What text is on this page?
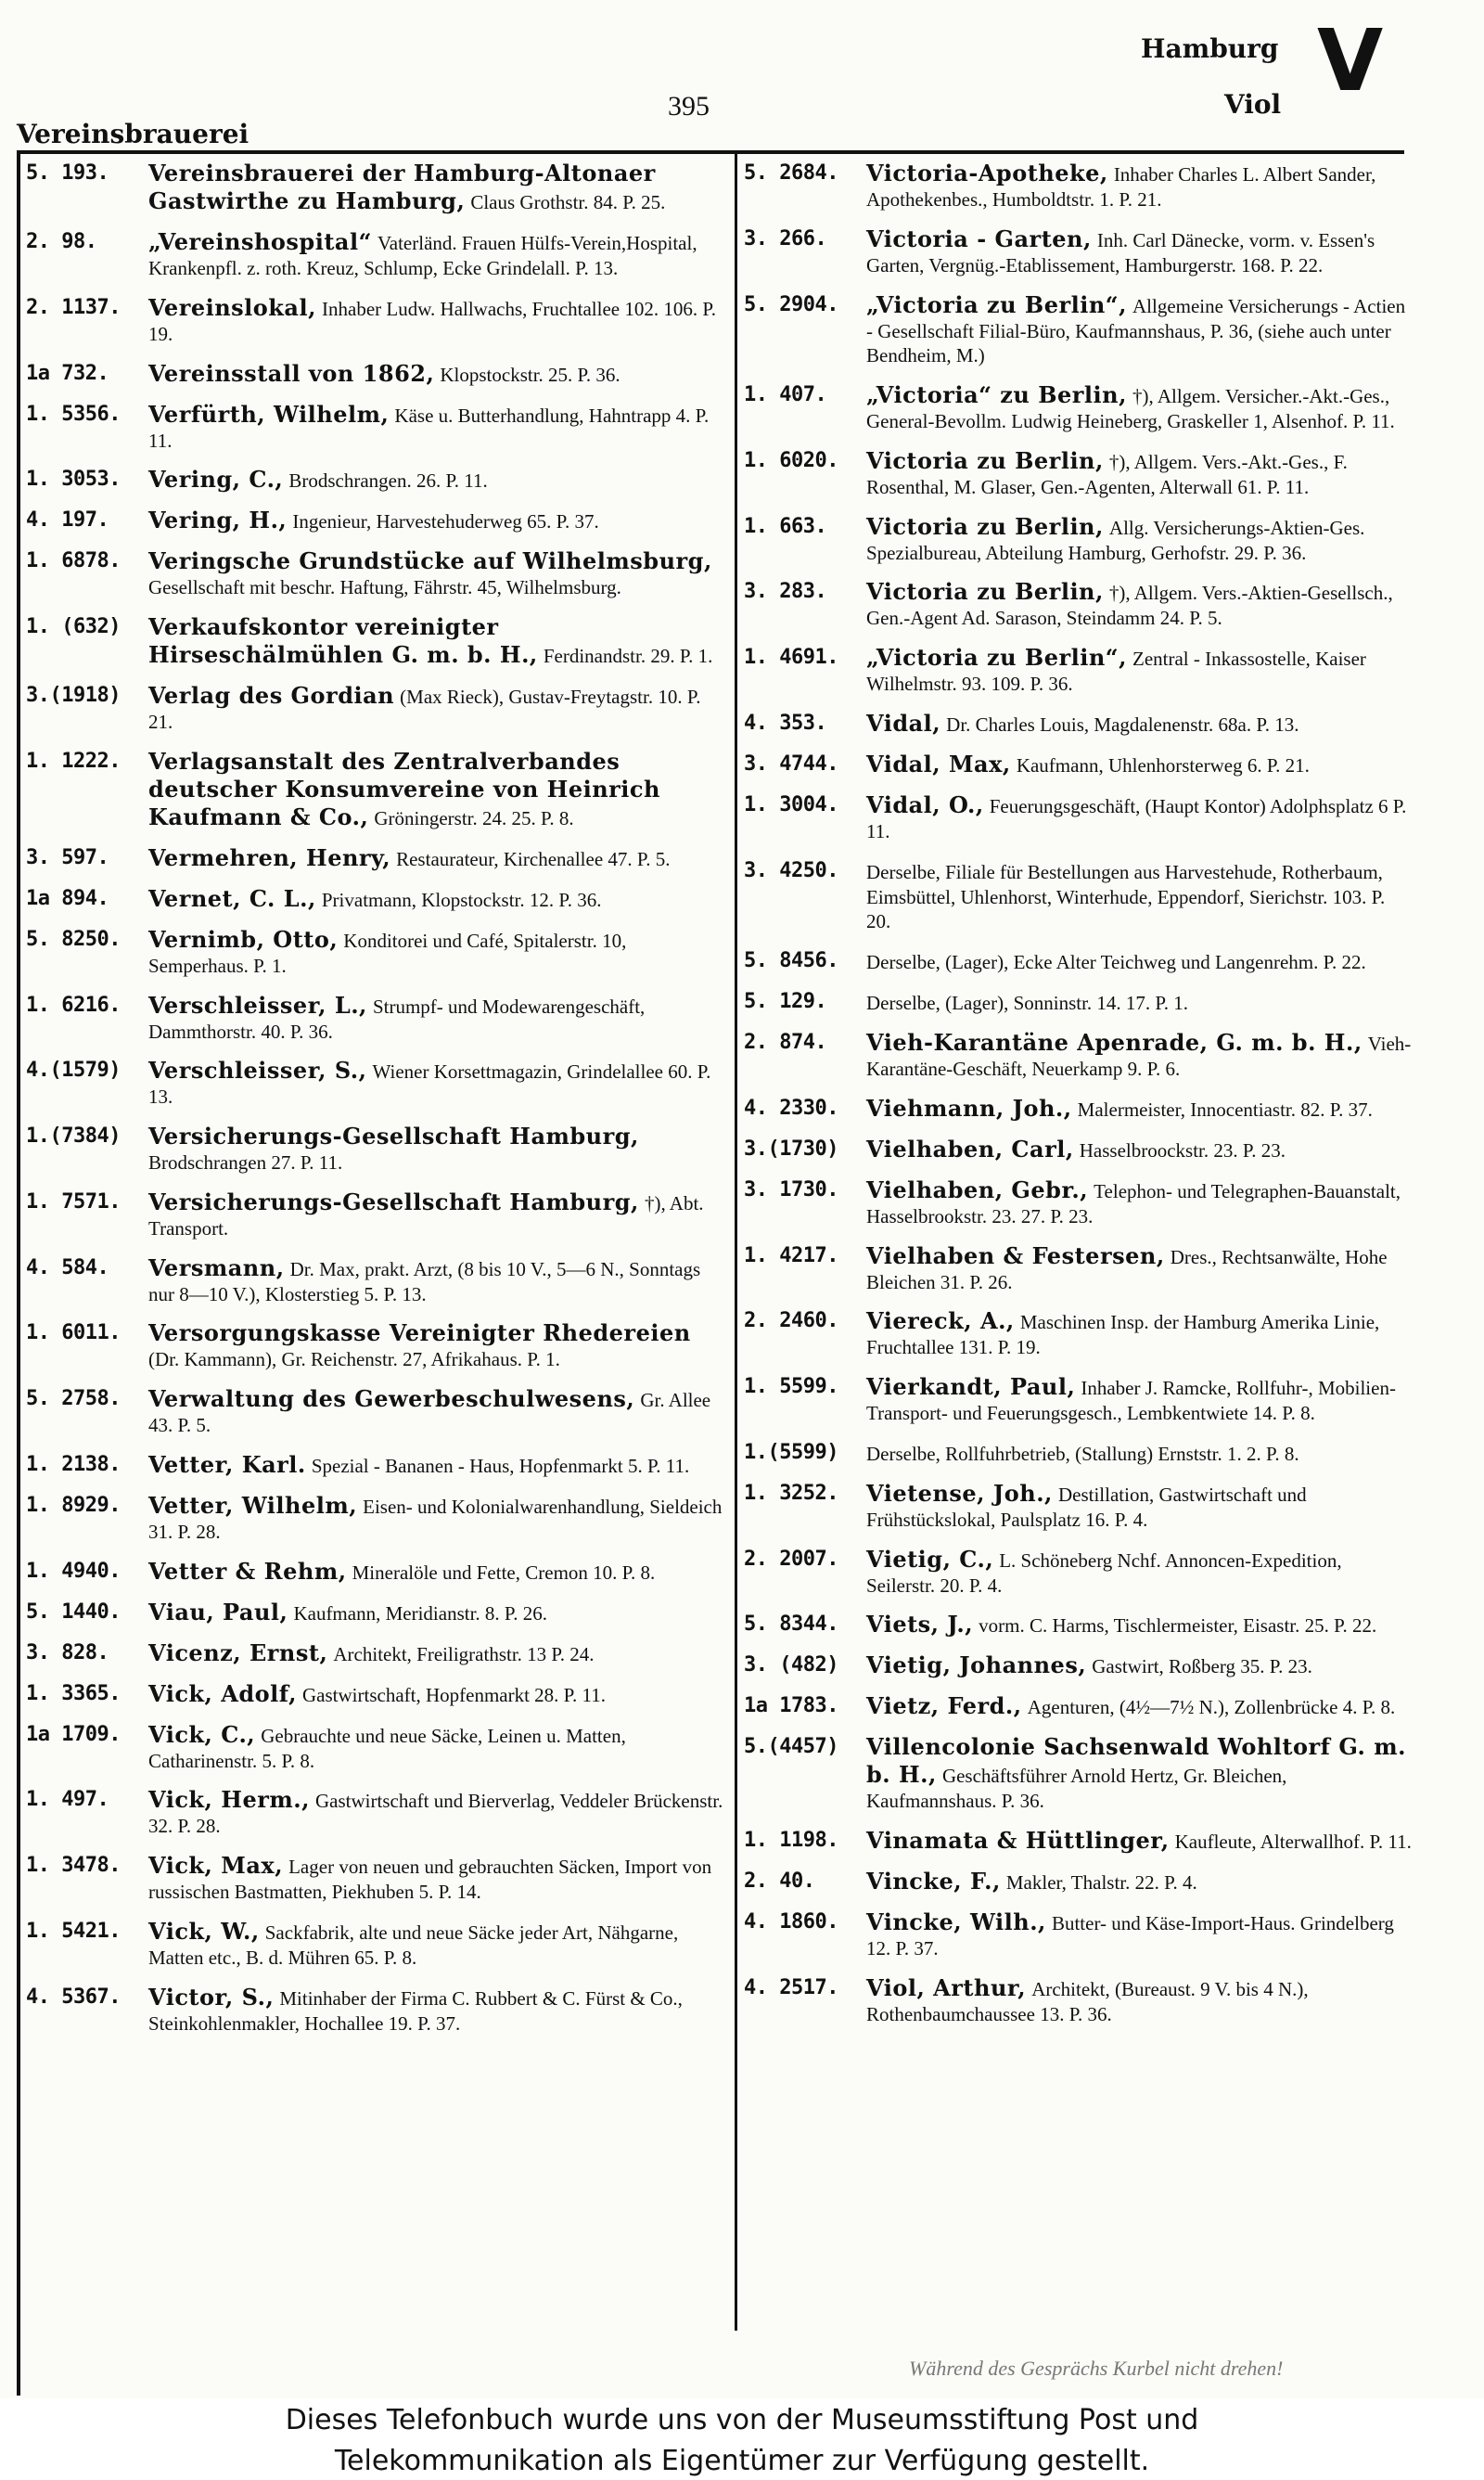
V
Hamburg
Viol
395
Vereinsbrauerei
5. 193.	Vereinsbrauerei der Hamburg-Altonaer Gastwirthe zu Hamburg, Claus Grothstr. 84. P. 25.
2. 98.	„Vereinshospital“ Vaterländ. Frauen Hülfs-Verein,Hospital, Krankenpfl. z. roth. Kreuz, Schlump, Ecke Grindelall. P. 13.
2. 1137.	Vereinslokal, Inhaber Ludw. Hallwachs, Fruchtallee 102. 106. P. 19.
1a 732.	Vereinsstall von 1862, Klopstockstr. 25. P. 36.
1. 5356.	Verfürth, Wilhelm, Käse u. Butterhandlung, Hahntrapp 4. P. 11.
1. 3053.	Vering, C., Brodschrangen. 26. P. 11.
4. 197.	Vering, H., Ingenieur, Harvestehuderweg 65. P. 37.
1. 6878.	Veringsche Grundstücke auf Wilhelmsburg, Gesellschaft mit beschr. Haftung, Fährstr. 45, Wilhelmsburg.
1. (632)	Verkaufskontor vereinigter Hirseschälmühlen G. m. b. H., Ferdinandstr. 29. P. 1.
3.(1918)	Verlag des Gordian (Max Rieck), Gustav-Freytagstr. 10. P. 21.
1. 1222.	Verlagsanstalt des Zentralverbandes deutscher Konsumvereine von Heinrich Kaufmann & Co., Gröningerstr. 24. 25. P. 8.
3. 597.	Vermehren, Henry, Restaurateur, Kirchenallee 47. P. 5.
1a 894.	Vernet, C. L., Privatmann, Klopstockstr. 12. P. 36.
5. 8250.	Vernimb, Otto, Konditorei und Café, Spitalerstr. 10, Semperhaus. P. 1.
1. 6216.	Verschleisser, L., Strumpf- und Modewarengeschäft, Dammthorstr. 40. P. 36.
4.(1579)	Verschleisser, S., Wiener Korsettmagazin, Grindelallee 60. P. 13.
1.(7384)	Versicherungs-Gesellschaft Hamburg, Brodschrangen 27. P. 11.
1. 7571.	Versicherungs-Gesellschaft Hamburg, †), Abt. Transport.
4. 584.	Versmann, Dr. Max, prakt. Arzt, (8 bis 10 V., 5—6 N., Sonntags nur 8—10 V.), Klosterstieg 5. P. 13.
1. 6011.	Versorgungskasse Vereinigter Rhedereien (Dr. Kammann), Gr. Reichenstr. 27, Afrikahaus. P. 1.
5. 2758.	Verwaltung des Gewerbeschulwesens, Gr. Allee 43. P. 5.
1. 2138.	Vetter, Karl. Spezial - Bananen - Haus, Hopfenmarkt 5. P. 11.
1. 8929.	Vetter, Wilhelm, Eisen- und Kolonialwarenhandlung, Sieldeich 31. P. 28.
1. 4940.	Vetter & Rehm, Mineralöle und Fette, Cremon 10. P. 8.
5. 1440.	Viau, Paul, Kaufmann, Meridianstr. 8. P. 26.
3. 828.	Vicenz, Ernst, Architekt, Freiligrathstr. 13 P. 24.
1. 3365.	Vick, Adolf, Gastwirtschaft, Hopfenmarkt 28. P. 11.
1a 1709.	Vick, C., Gebrauchte und neue Säcke, Leinen u. Matten, Catharinenstr. 5. P. 8.
1. 497.	Vick, Herm., Gastwirtschaft und Bierverlag, Veddeler Brückenstr. 32. P. 28.
1. 3478.	Vick, Max, Lager von neuen und gebrauchten Säcken, Import von russischen Bastmatten, Piekhuben 5. P. 14.
1. 5421.	Vick, W., Sackfabrik, alte und neue Säcke jeder Art, Nähgarne, Matten etc., B. d. Mühren 65. P. 8.
4. 5367.	Victor, S., Mitinhaber der Firma C. Rubbert & C. Fürst & Co., Steinkohlenmakler, Hochallee 19. P. 37.
5. 2684.	Victoria-Apotheke, Inhaber Charles L. Albert Sander, Apothekenbes., Humboldtstr. 1. P. 21.
3. 266.	Victoria - Garten, Inh. Carl Dänecke, vorm. v. Essen's Garten, Vergnüg.-Etablissement, Hamburgerstr. 168. P. 22.
5. 2904.	„Victoria zu Berlin“, Allgemeine Versicherungs - Actien - Gesellschaft Filial-Büro, Kaufmannshaus, P. 36, (siehe auch unter Bendheim, M.)
1. 407.	„Victoria“ zu Berlin, †), Allgem. Versicher.-Akt.-Ges., General-Bevollm. Ludwig Heineberg, Graskeller 1, Alsenhof. P. 11.
1. 6020.	Victoria zu Berlin, †), Allgem. Vers.-Akt.-Ges., F. Rosenthal, M. Glaser, Gen.-Agenten, Alterwall 61. P. 11.
1. 663.	Victoria zu Berlin, Allg. Versicherungs-Aktien-Ges. Spezialbureau, Abteilung Hamburg, Gerhofstr. 29. P. 36.
3. 283.	Victoria zu Berlin, †), Allgem. Vers.-Aktien-Gesellsch., Gen.-Agent Ad. Sarason, Steindamm 24. P. 5.
1. 4691.	„Victoria zu Berlin“, Zentral - Inkassostelle, Kaiser Wilhelmstr. 93. 109. P. 36.
4. 353.	Vidal, Dr. Charles Louis, Magdalenenstr. 68a. P. 13.
3. 4744.	Vidal, Max, Kaufmann, Uhlenhorsterweg 6. P. 21.
1. 3004.	Vidal, O., Feuerungsgeschäft, (Haupt Kontor) Adolphsplatz 6 P. 11.
3. 4250.	Derselbe, Filiale für Bestellungen aus Harvestehude, Rotherbaum, Eimsbüttel, Uhlenhorst, Winterhude, Eppendorf, Sierichstr. 103. P. 20.
5. 8456.	Derselbe, (Lager), Ecke Alter Teichweg und Langenrehm. P. 22.
5. 129.	Derselbe, (Lager), Sonninstr. 14. 17. P. 1.
2. 874.	Vieh-Karantäne Apenrade, G. m. b. H., Vieh-Karantäne-Geschäft, Neuerkamp 9. P. 6.
4. 2330.	Viehmann, Joh., Malermeister, Innocentiastr. 82. P. 37.
3.(1730)	Vielhaben, Carl, Hasselbroockstr. 23. P. 23.
3. 1730.	Vielhaben, Gebr., Telephon- und Telegraphen-Bauanstalt, Hasselbrookstr. 23. 27. P. 23.
1. 4217.	Vielhaben & Festersen, Dres., Rechtsanwälte, Hohe Bleichen 31. P. 26.
2. 2460.	Viereck, A., Maschinen Insp. der Hamburg Amerika Linie, Fruchtallee 131. P. 19.
1. 5599.	Vierkandt, Paul, Inhaber J. Ramcke, Rollfuhr-, Mobilien- Transport- und Feuerungsgesch., Lembkentwiete 14. P. 8.
1.(5599)	Derselbe, Rollfuhrbetrieb, (Stallung) Ernststr. 1. 2. P. 8.
1. 3252.	Vietense, Joh., Destillation, Gastwirtschaft und Frühstückslokal, Paulsplatz 16. P. 4.
2. 2007.	Vietig, C., L. Schöneberg Nchf. Annoncen-Expedition, Seilerstr. 20. P. 4.
5. 8344.	Viets, J., vorm. C. Harms, Tischlermeister, Eisastr. 25. P. 22.
3. (482)	Vietig, Johannes, Gastwirt, Roßberg 35. P. 23.
1a 1783.	Vietz, Ferd., Agenturen, (4½—7½ N.), Zollenbrücke 4. P. 8.
5.(4457)	Villencolonie Sachsenwald Wohltorf G. m. b. H., Geschäftsführer Arnold Hertz, Gr. Bleichen, Kaufmannshaus. P. 36.
1. 1198.	Vinamata & Hüttlinger, Kaufleute, Alterwallhof. P. 11.
2. 40.	Vincke, F., Makler, Thalstr. 22. P. 4.
4. 1860.	Vincke, Wilh., Butter- und Käse-Import-Haus. Grindelberg 12. P. 37.
4. 2517.	Viol, Arthur, Architekt, (Bureaust. 9 V. bis 4 N.), Rothenbaumchaussee 13. P. 36.
Während des Gesprächs Kurbel nicht drehen!
Dieses Telefonbuch wurde uns von der Museumsstiftung Post und
Telekommunikation als Eigentümer zur Verfügung gestellt.
